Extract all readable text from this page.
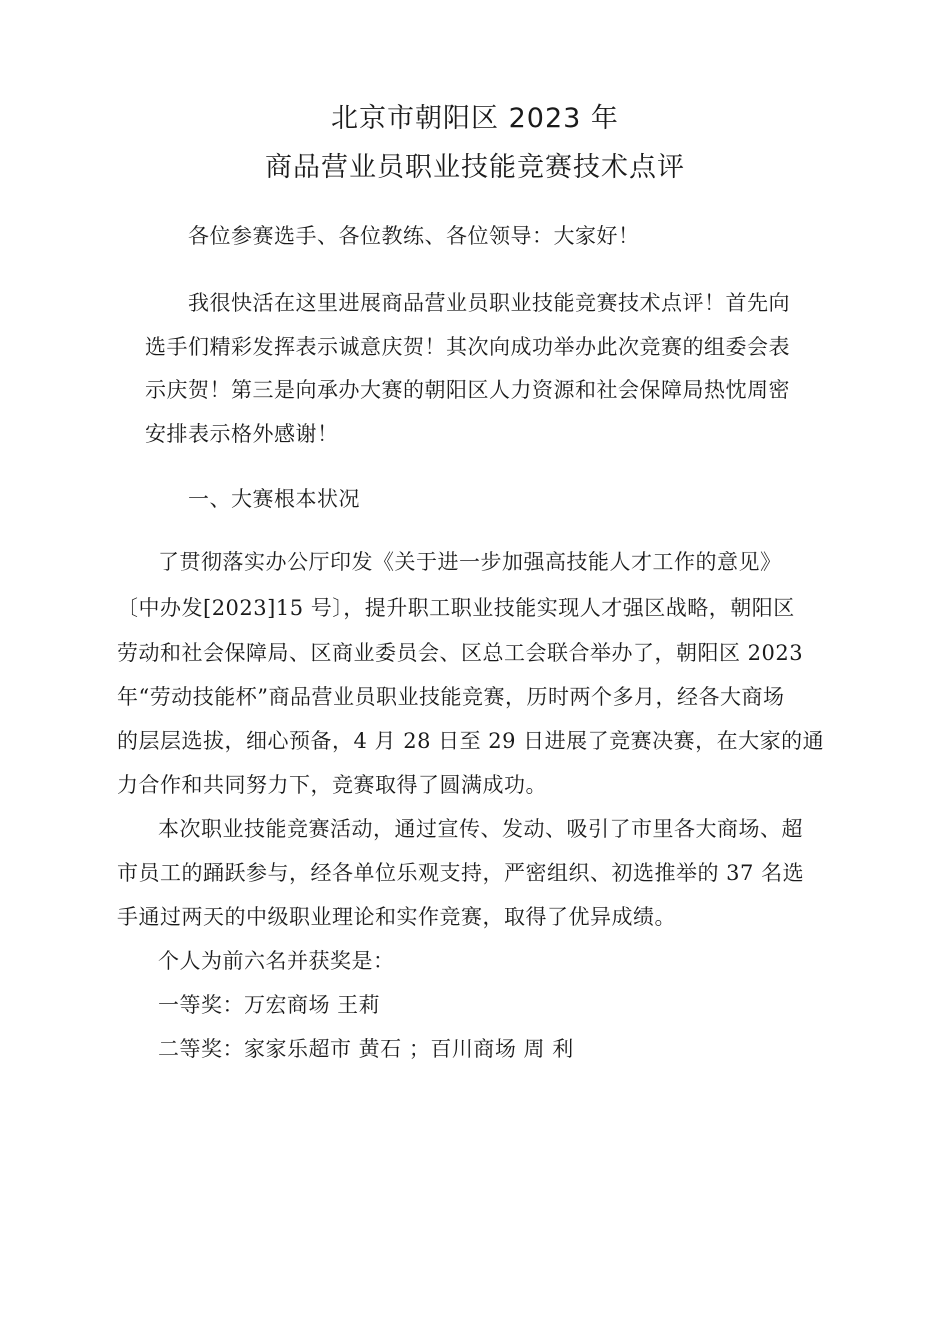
北京市朝阳区 2023 年
商品营业员职业技能竞赛技术点评
各位参赛选手、各位教练、各位领导：大家好！
我很快活在这里进展商品营业员职业技能竞赛技术点评！首先向
选手们精彩发挥表示诚意庆贺！其次向成功举办此次竞赛的组委会表
示庆贺！第三是向承办大赛的朝阳区人力资源和社会保障局热忱周密
安排表示格外感谢！
一、大赛根本状况
了贯彻落实办公厅印发《关于进一步加强高技能人才工作的意见》
〔中办发[2023]15 号〕，提升职工职业技能实现人才强区战略，朝阳区
劳动和社会保障局、区商业委员会、区总工会联合举办了，朝阳区 2023
年“劳动技能杯”商品营业员职业技能竞赛，历时两个多月，经各大商场
的层层选拔，细心预备，4 月 28 日至 29 日进展了竞赛决赛，在大家的通
力合作和共同努力下，竞赛取得了圆满成功。
本次职业技能竞赛活动，通过宣传、发动、吸引了市里各大商场、超
市员工的踊跃参与，经各单位乐观支持，严密组织、初选推举的 37 名选
手通过两天的中级职业理论和实作竞赛，取得了优异成绩。
个人为前六名并获奖是：
一等奖：万宏商场 王莉
二等奖：家家乐超市 黄石 ；百川商场 周 利
